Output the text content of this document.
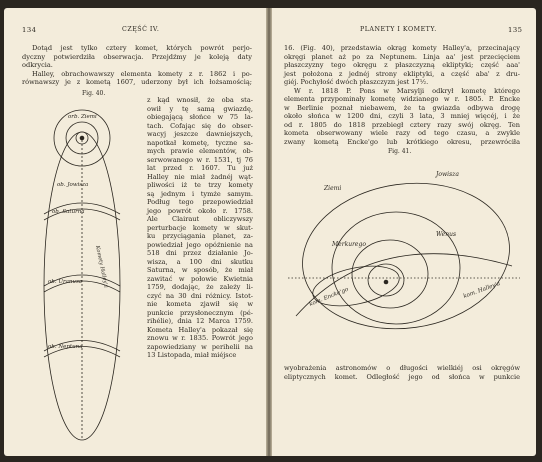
134	CZĘŚĆ IV.
Dotąd jest tylko cztery komet, których powrót perjo-
dyczny potwierdziła obserwacja. Przejdźmy je koleją daty
odkrycia.
Halley, obrachowawszy elementa komety z r. 1862 i po-
równawszy je z kometą 1607, uderzony był ich łożsamością;
Fig. 40.
orb. Ziemi
ob. Jowisza
ob. Saturna
ob. Uranusa
ob. Neptuna
Komety Halley'a
z kąd wnosił, że oba sta-
owił y tę samą gwiazdę,
obiegającą słońce w 75 la-
tach. Cofając się do obser-
wacyj jeszcze dawniejszych,
napotkał kometę, tyczne sa-
mych prawie elementów, ob-
serwowanego w r. 1531, tj 76
lat przed r. 1607. Tu już
Halley nie miał żadnéj wąt-
pliwości iż te trzy komety
są jednym i tymże samym.
Podług tego przepowiedział
jego powrót około r. 1758.
Ale Clairaut obliczywszy
perturbacje komety w skut-
ku przyciągania planet, za-
powiedział jego opóźnienie na
518 dni przez działanie Jo-
wisza, a 100 dni skutku
Saturna, w sposób, że miał
zawitać w połowie Kwietnia
1759, dodając, że zależy li-
czyć na 30 dni różnicy. Istot-
nie kometa zjawił się w
punkcie przysłonecznym (pé-
rihélie), dnia 12 Marca 1759.
Kometa Halley'a pokazał się
znowu w r. 1835. Powrót jego
zapowiedziany w perihelii na
13 Listopada, miał miéjsce
PLANETY I KOMETY.	135
16. (Fig. 40), przedstawia okrąg komety Halley'a, przecinający
okręgi planet aż po za Neptunem. Linja aa' jest przecięciem
płaszczyzny tego okręgu z płaszczyzną ekliptyki; część aaa'
jest położona z jednéj strony ekliptyki, a część aba' z dru-
giéj. Pochyłość dwóch płaszczyzn jest 17½.
W r. 1818 P. Pons w Marsylji odkrył kometę którego
elementa przypominały kometę widzianego w r. 1805. P. Encke
w Berlinie poznał niebawem, że ta gwiazda odbywa drogę
około słońca w 1200 dni, czyli 3 lata, 3 mniej więcéj, i że
od r. 1805 do 1818 przebiegł cztery razy swój okręg. Ten
kometa obserwowany wiele razy od tego czasu, a zwykle
zwany kometą Encke'go lub krótkiego okresu, przewróciła
Fig. 41.
Ziemi
Jowisza
Merkurego
Wenus
kom. Encke'go	kom. Halley'a
wyobrażenia astronomów o długości wielkiéj osi okręgów
eliptycznych komet. Odległość jego od słońca w punkcie
